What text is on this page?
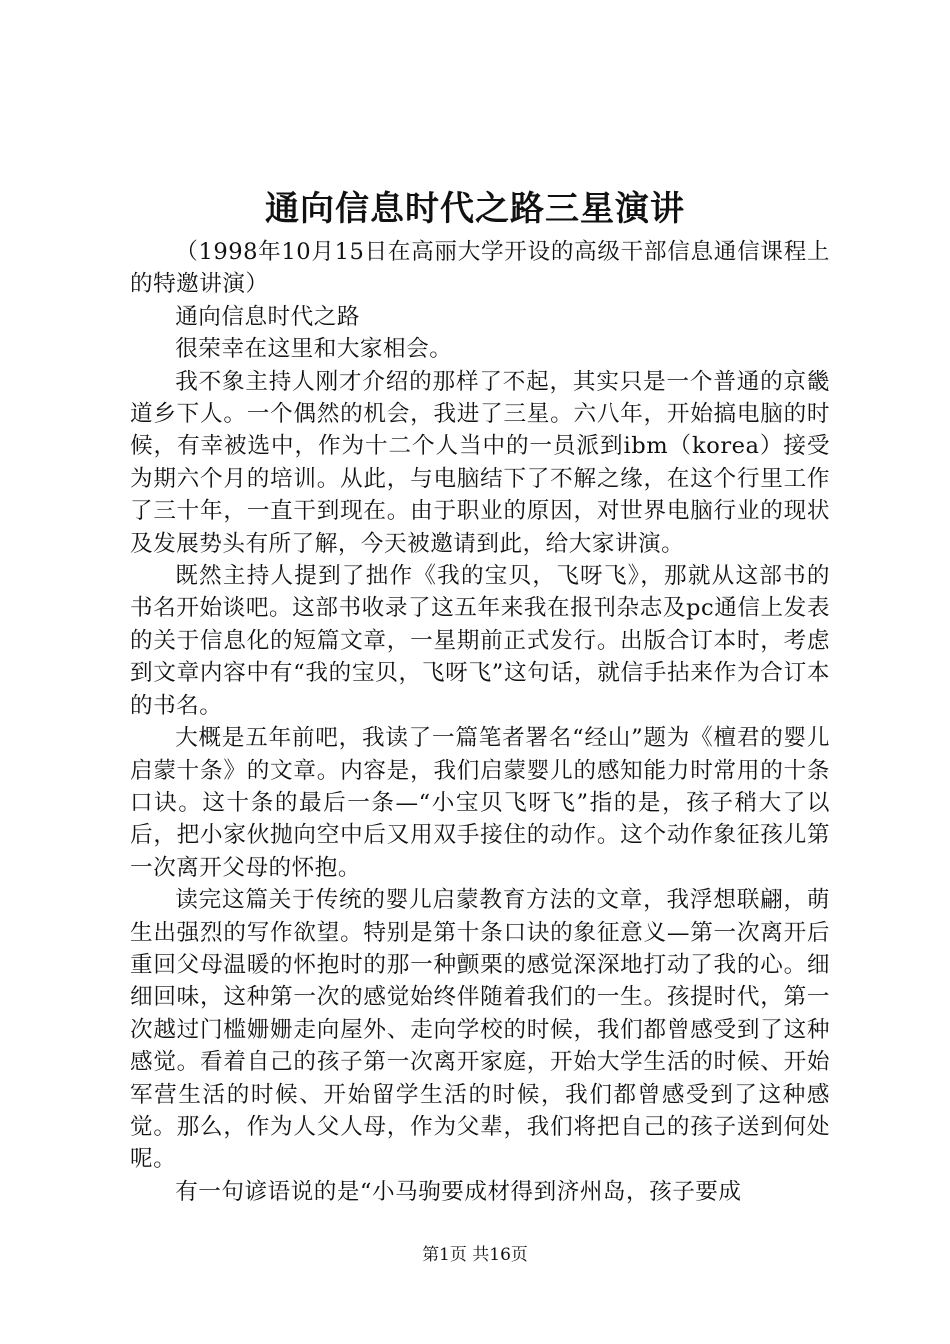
通向信息时代之路三星演讲

（1998年10月15日在高丽大学开设的高级干部信息通信课程上的特邀讲演）

通向信息时代之路

很荣幸在这里和大家相会。

我不象主持人刚才介绍的那样了不起，其实只是一个普通的京畿道乡下人。一个偶然的机会，我进了三星。六八年，开始搞电脑的时候，有幸被选中，作为十二个人当中的一员派到ibm（korea）接受为期六个月的培训。从此，与电脑结下了不解之缘，在这个行里工作了三十年，一直干到现在。由于职业的原因，对世界电脑行业的现状及发展势头有所了解，今天被邀请到此，给大家讲演。

既然主持人提到了拙作《我的宝贝，飞呀飞》，那就从这部书的书名开始谈吧。这部书收录了这五年来我在报刊杂志及pc通信上发表的关于信息化的短篇文章，一星期前正式发行。出版合订本时，考虑到文章内容中有“我的宝贝，飞呀飞”这句话，就信手拈来作为合订本的书名。

大概是五年前吧，我读了一篇笔者署名“经山”题为《檀君的婴儿启蒙十条》的文章。内容是，我们启蒙婴儿的感知能力时常用的十条口诀。这十条的最后一条—“小宝贝飞呀飞”指的是，孩子稍大了以后，把小家伙抛向空中后又用双手接住的动作。这个动作象征孩儿第一次离开父母的怀抱。

读完这篇关于传统的婴儿启蒙教育方法的文章，我浮想联翩，萌生出强烈的写作欲望。特别是第十条口诀的象征意义—第一次离开后重回父母温暖的怀抱时的那一种颤栗的感觉深深地打动了我的心。细细回味，这种第一次的感觉始终伴随着我们的一生。孩提时代，第一次越过门槛姗姗走向屋外、走向学校的时候，我们都曾感受到了这种感觉。看着自己的孩子第一次离开家庭，开始大学生活的时候、开始军营生活的时候、开始留学生活的时候，我们都曾感受到了这种感觉。那么，作为人父人母，作为父辈，我们将把自己的孩子送到何处呢。

有一句谚语说的是“小马驹要成材得到济州岛，孩子要成

第1页 共16页
